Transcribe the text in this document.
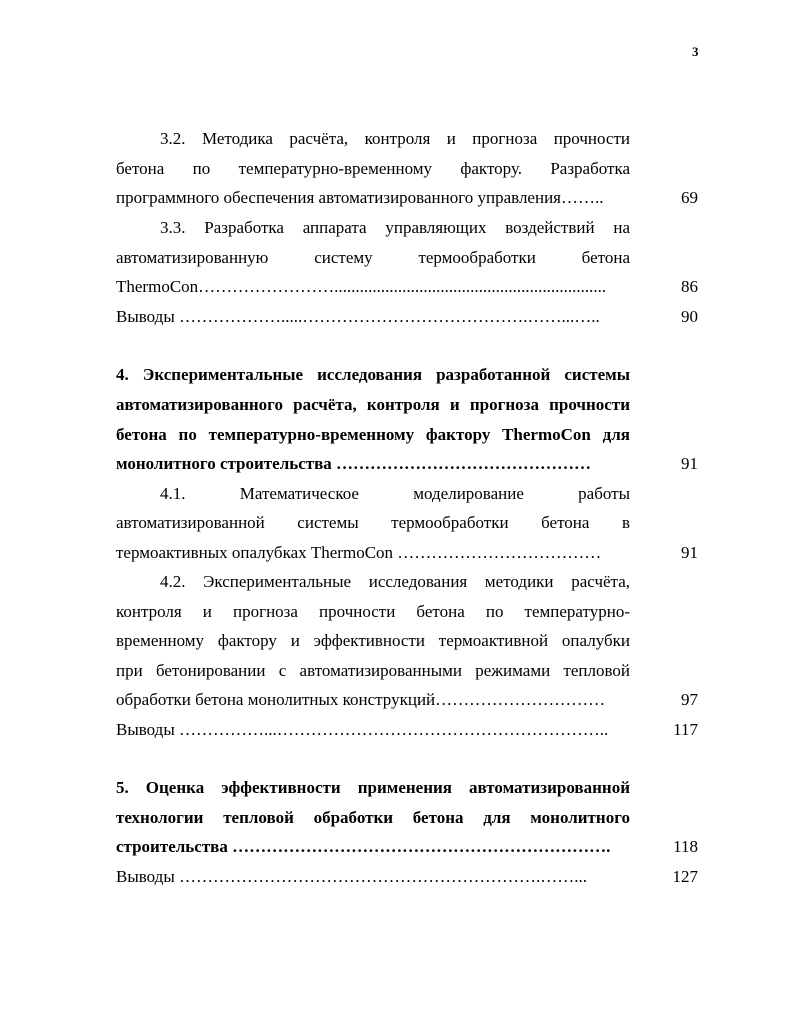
3
3.2. Методика расчёта, контроля и прогноза прочности
бетона по температурно-временному фактору. Разработка
программного обеспечения автоматизированного управления……..	69
3.3. Разработка аппарата управляющих воздействий на
автоматизированную систему термообработки бетона
ThermoCon……………………................................................................	86
Выводы ……………….....………………………………….……...…..	90
4. Экспериментальные исследования разработанной системы
автоматизированного расчёта, контроля и прогноза прочности
бетона по температурно-временному фактору ThermoCon для
монолитного строительства ………………………………………	91
4.1. Математическое моделирование работы
автоматизированной системы термообработки бетона в
термоактивных опалубках ThermoCon ………………………………	91
4.2. Экспериментальные исследования методики расчёта,
контроля и прогноза прочности бетона по температурно-
временному фактору и эффективности термоактивной опалубки
при бетонировании с автоматизированными режимами тепловой
обработки бетона монолитных конструкций…………………………	97
Выводы ……………...…………………………………………………..	117
5. Оценка эффективности применения автоматизированной
технологии тепловой обработки бетона для монолитного
строительства ………………………………………………………….	118
Выводы ……………………………………………………….……...	127
